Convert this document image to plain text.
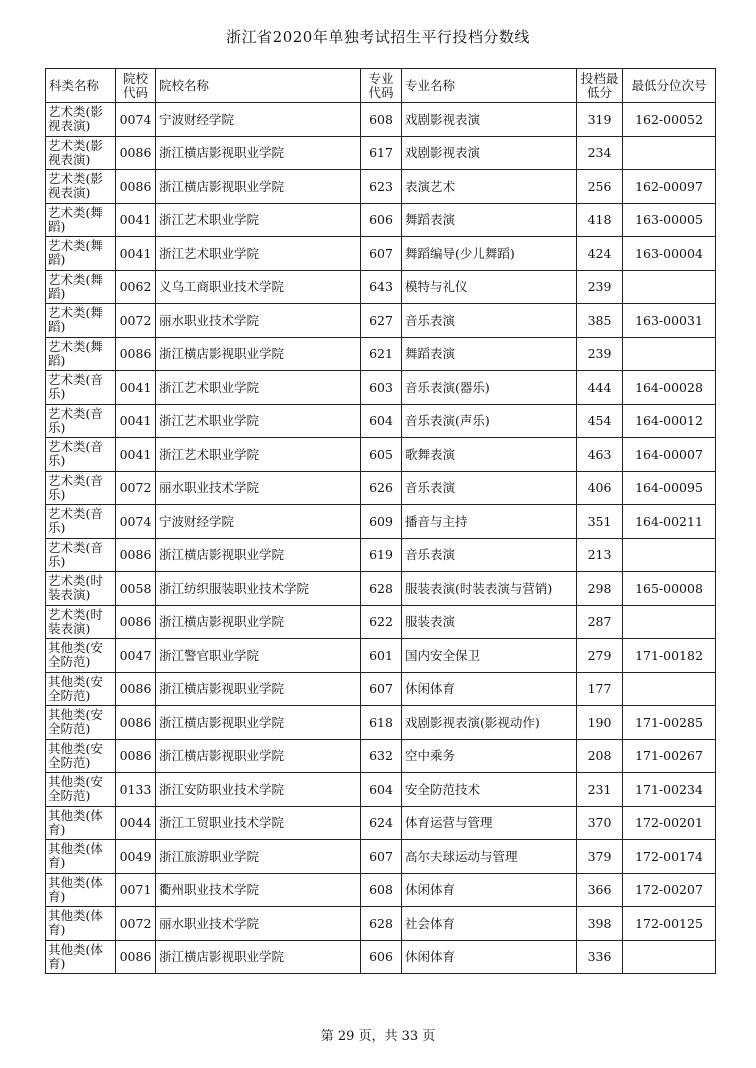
浙江省2020年单独考试招生平行投档分数线
科类名称	院校代码	院校名称	专业代码	专业名称	投档最低分	最低分位次号
艺术类(影视表演)	0074	宁波财经学院	608	戏剧影视表演	319	162-00052
艺术类(影视表演)	0086	浙江横店影视职业学院	617	戏剧影视表演	234	
艺术类(影视表演)	0086	浙江横店影视职业学院	623	表演艺术	256	162-00097
艺术类(舞蹈)	0041	浙江艺术职业学院	606	舞蹈表演	418	163-00005
艺术类(舞蹈)	0041	浙江艺术职业学院	607	舞蹈编导(少儿舞蹈)	424	163-00004
艺术类(舞蹈)	0062	义乌工商职业技术学院	643	模特与礼仪	239	
艺术类(舞蹈)	0072	丽水职业技术学院	627	音乐表演	385	163-00031
艺术类(舞蹈)	0086	浙江横店影视职业学院	621	舞蹈表演	239	
艺术类(音乐)	0041	浙江艺术职业学院	603	音乐表演(器乐)	444	164-00028
艺术类(音乐)	0041	浙江艺术职业学院	604	音乐表演(声乐)	454	164-00012
艺术类(音乐)	0041	浙江艺术职业学院	605	歌舞表演	463	164-00007
艺术类(音乐)	0072	丽水职业技术学院	626	音乐表演	406	164-00095
艺术类(音乐)	0074	宁波财经学院	609	播音与主持	351	164-00211
艺术类(音乐)	0086	浙江横店影视职业学院	619	音乐表演	213	
艺术类(时装表演)	0058	浙江纺织服装职业技术学院	628	服装表演(时装表演与营销)	298	165-00008
艺术类(时装表演)	0086	浙江横店影视职业学院	622	服装表演	287	
其他类(安全防范)	0047	浙江警官职业学院	601	国内安全保卫	279	171-00182
其他类(安全防范)	0086	浙江横店影视职业学院	607	休闲体育	177	
其他类(安全防范)	0086	浙江横店影视职业学院	618	戏剧影视表演(影视动作)	190	171-00285
其他类(安全防范)	0086	浙江横店影视职业学院	632	空中乘务	208	171-00267
其他类(安全防范)	0133	浙江安防职业技术学院	604	安全防范技术	231	171-00234
其他类(体育)	0044	浙江工贸职业技术学院	624	体育运营与管理	370	172-00201
其他类(体育)	0049	浙江旅游职业学院	607	高尔夫球运动与管理	379	172-00174
其他类(体育)	0071	衢州职业技术学院	608	休闲体育	366	172-00207
其他类(体育)	0072	丽水职业技术学院	628	社会体育	398	172-00125
其他类(体育)	0086	浙江横店影视职业学院	606	休闲体育	336	
第 29 页，共 33 页
